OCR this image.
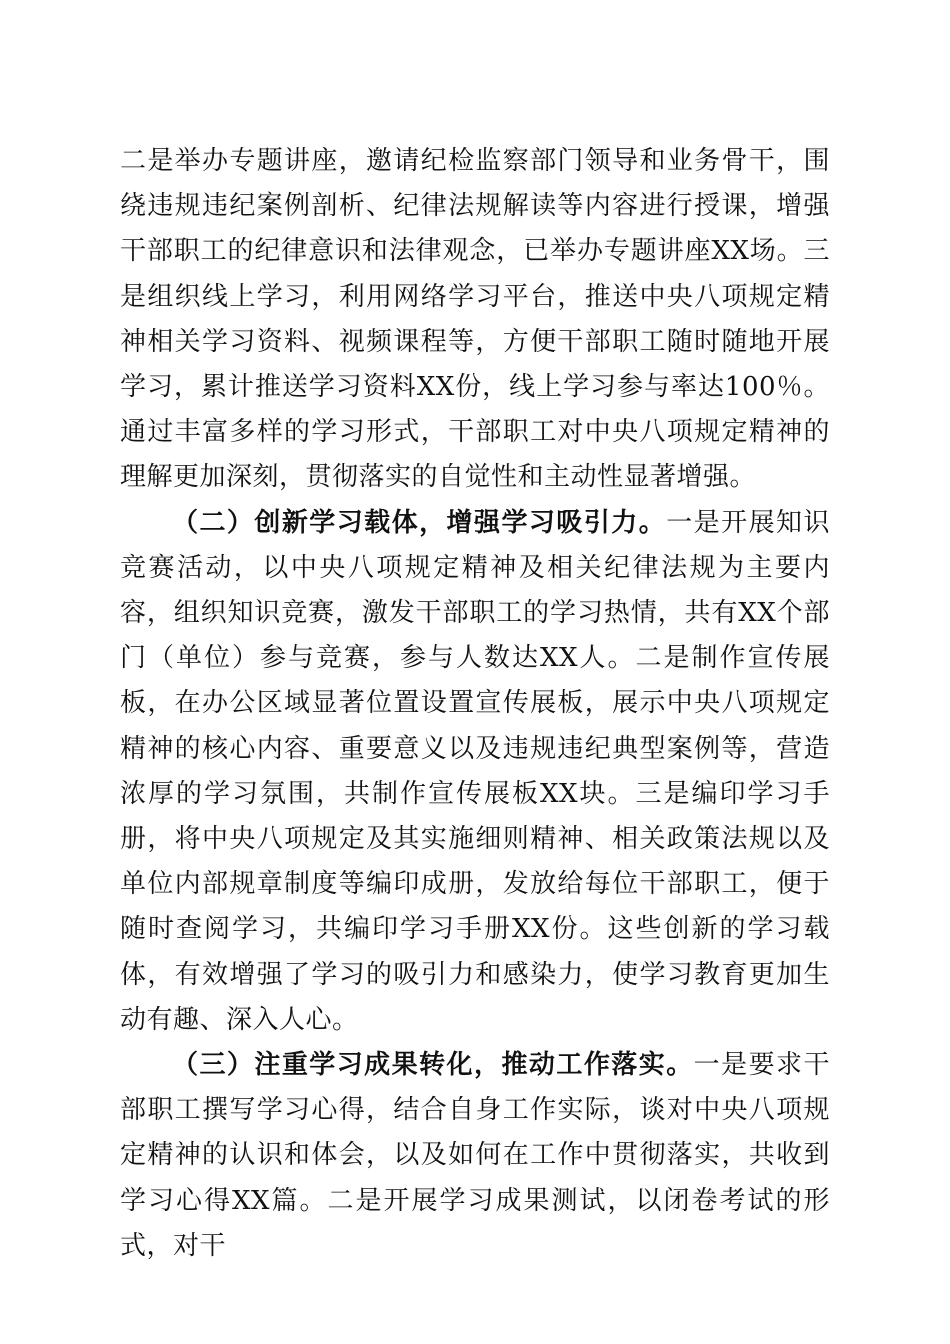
二是举办专题讲座，邀请纪检监察部门领导和业务骨干，围绕违规违纪案例剖析、纪律法规解读等内容进行授课，增强干部职工的纪律意识和法律观念，已举办专题讲座XX场。三是组织线上学习，利用网络学习平台，推送中央八项规定精神相关学习资料、视频课程等，方便干部职工随时随地开展学习，累计推送学习资料XX份，线上学习参与率达100％。通过丰富多样的学习形式，干部职工对中央八项规定精神的理解更加深刻，贯彻落实的自觉性和主动性显著增强。

（二）创新学习载体，增强学习吸引力。一是开展知识竞赛活动，以中央八项规定精神及相关纪律法规为主要内容，组织知识竞赛，激发干部职工的学习热情，共有XX个部门（单位）参与竞赛，参与人数达XX人。二是制作宣传展板，在办公区域显著位置设置宣传展板，展示中央八项规定精神的核心内容、重要意义以及违规违纪典型案例等，营造浓厚的学习氛围，共制作宣传展板XX块。三是编印学习手册，将中央八项规定及其实施细则精神、相关政策法规以及单位内部规章制度等编印成册，发放给每位干部职工，便于随时查阅学习，共编印学习手册XX份。这些创新的学习载体，有效增强了学习的吸引力和感染力，使学习教育更加生动有趣、深入人心。

（三）注重学习成果转化，推动工作落实。一是要求干部职工撰写学习心得，结合自身工作实际，谈对中央八项规定精神的认识和体会，以及如何在工作中贯彻落实，共收到学习心得XX篇。二是开展学习成果测试，以闭卷考试的形式，对干
